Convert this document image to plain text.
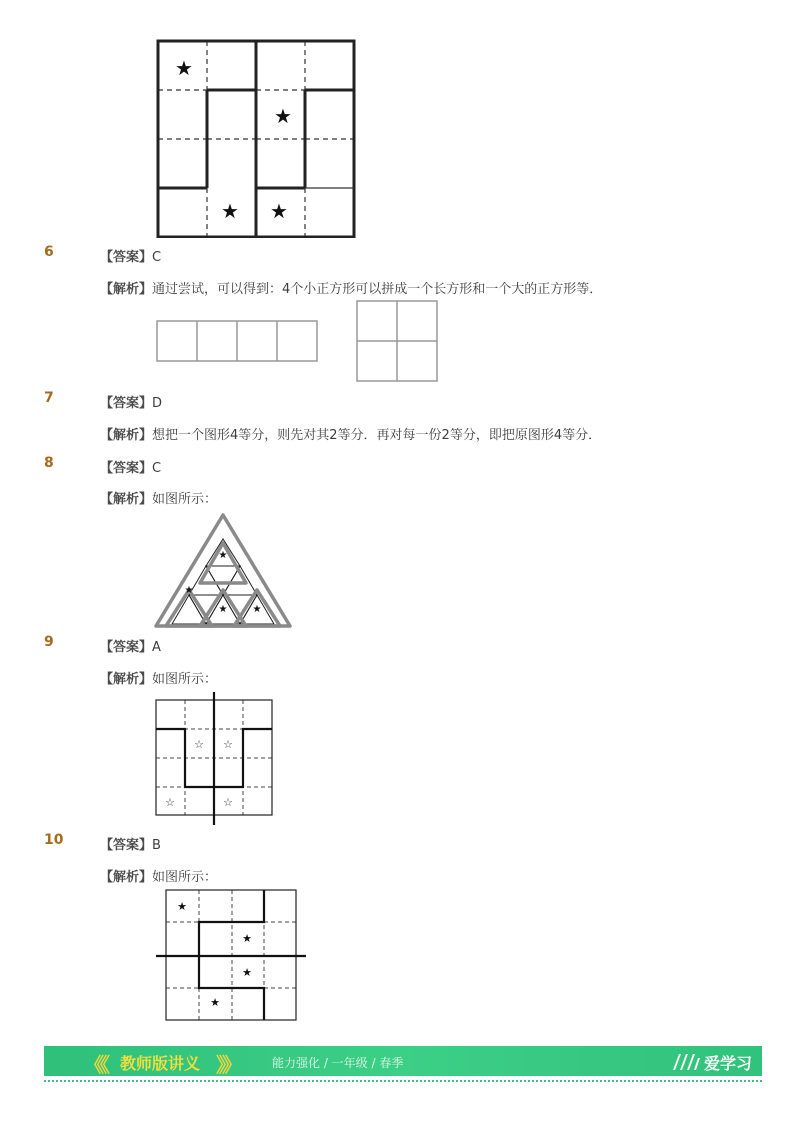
★
★
★ ★
6	【答案】C
【解析】通过尝试，可以得到：4个小正方形可以拼成一个长方形和一个大的正方形等．
7	【答案】D
【解析】想把一个图形4等分，则先对其2等分．再对每一份2等分，即把原图形4等分．
8	【答案】C
【解析】如图所示：
★
★
★	★
9	【答案】A
【解析】如图所示：
☆ ☆
☆	☆
10	【答案】B
【解析】如图所示：
★
★
★
★
《《 教师版讲义 》》	能力强化 / 一年级 / 春季	爱学习
